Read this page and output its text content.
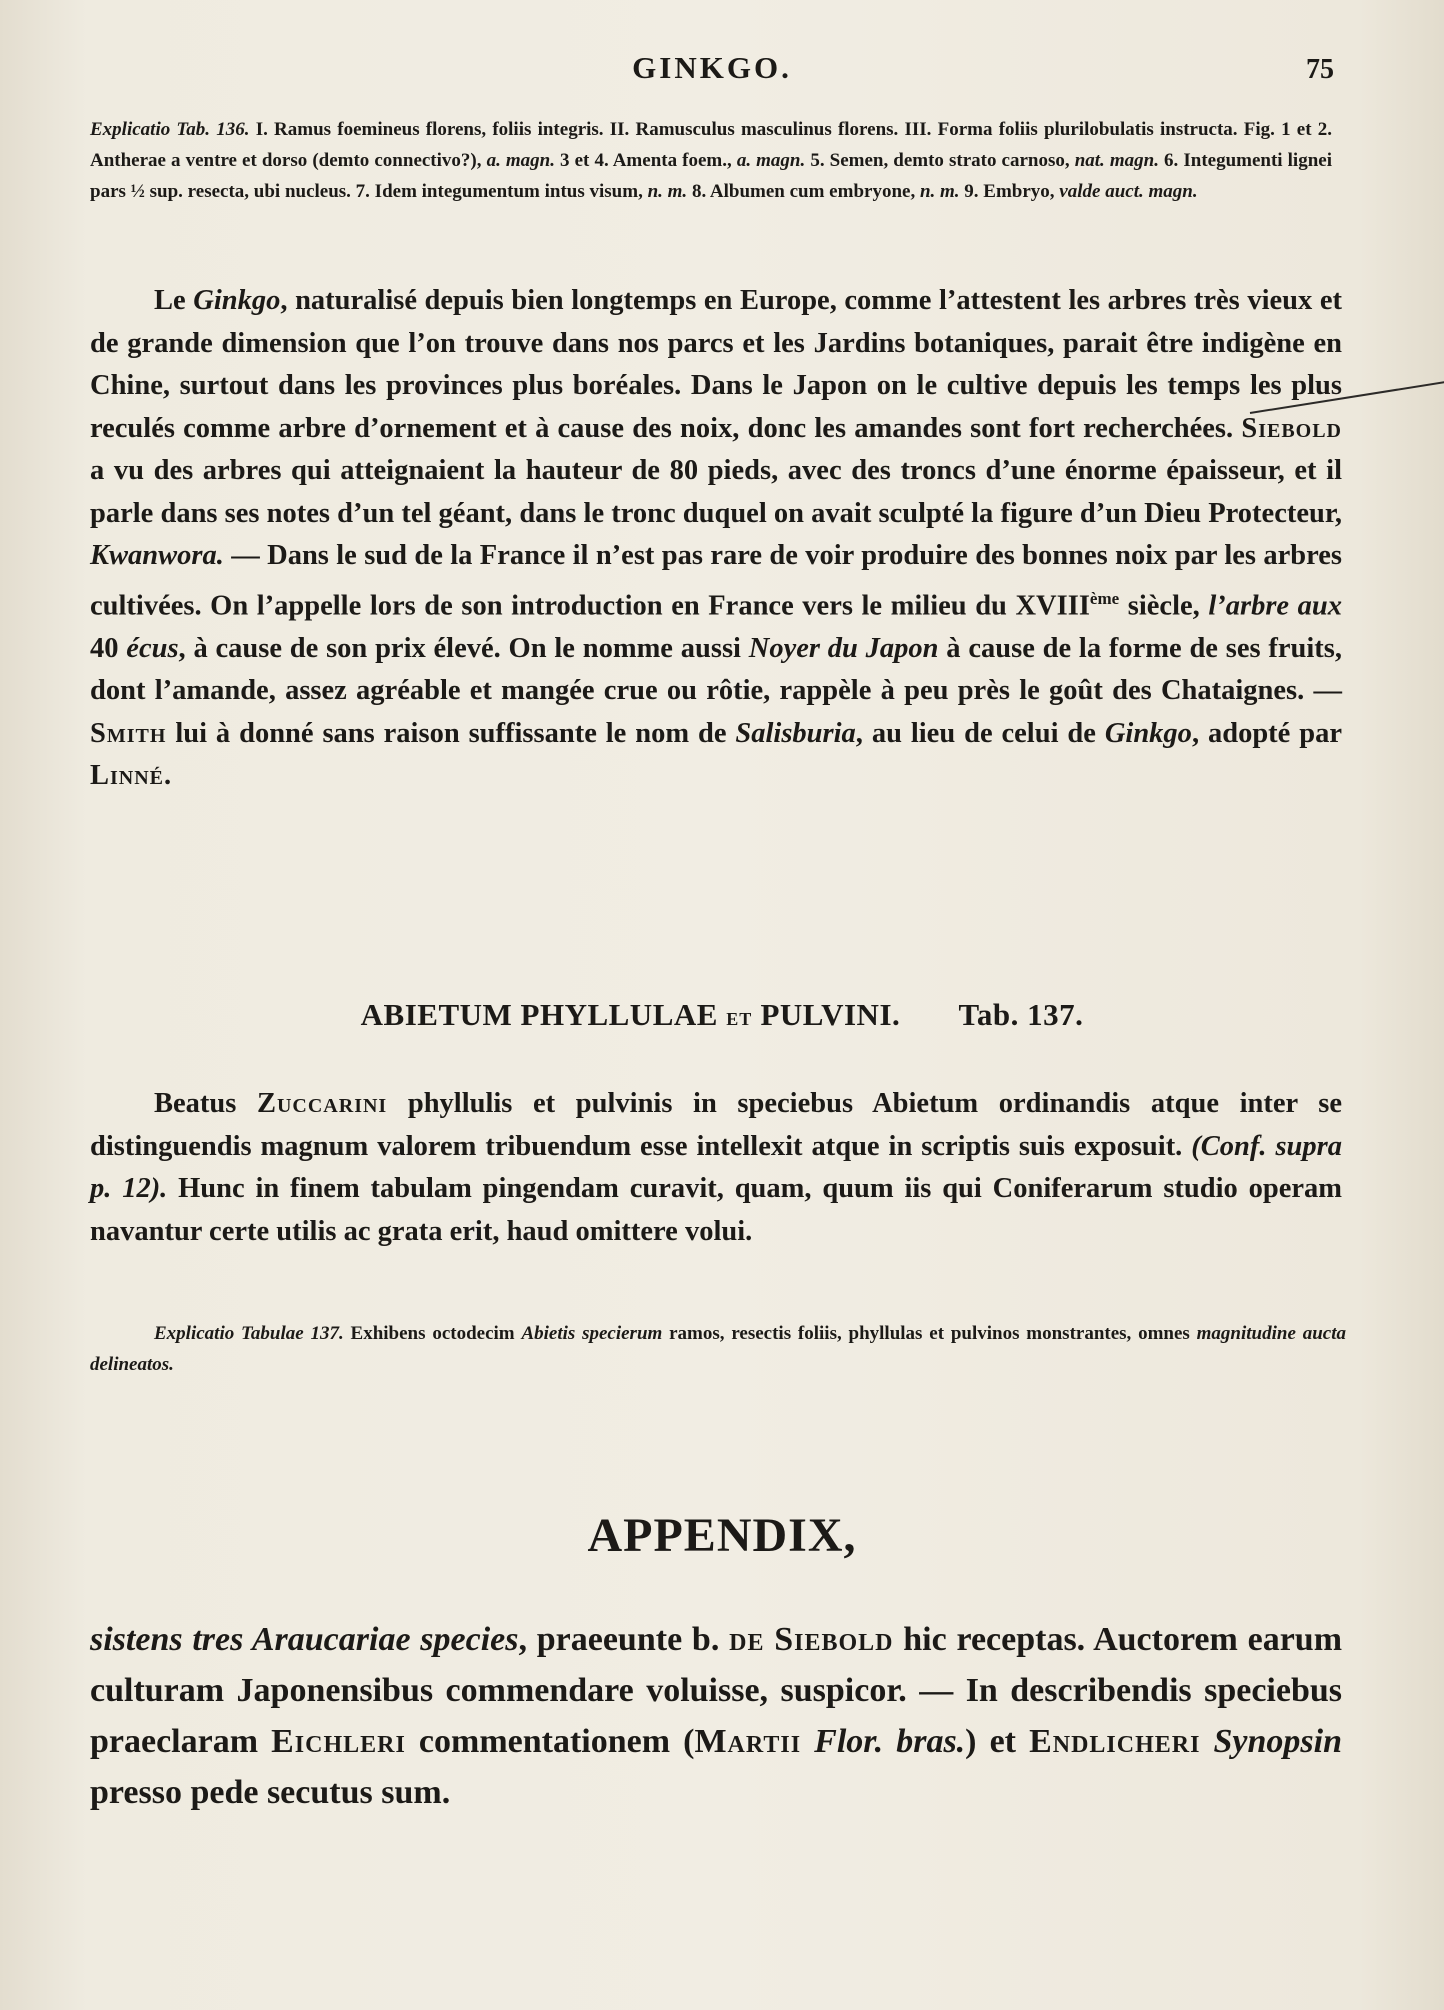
GINKGO.	75

Explicatio Tab. 136. I. Ramus foemineus florens, foliis integris. II. Ramusculus masculinus florens. III. Forma foliis plurilobulatis instructa. Fig. 1 et 2. Antherae a ventre et dorso (demto connectivo?), a. magn. 3 et 4. Amenta foem., a. magn. 5. Semen, demto strato carnoso, nat. magn. 6. Integumenti lignei pars ½ sup. resecta, ubi nucleus. 7. Idem integumentum intus visum, n. m. 8. Albumen cum embryone, n. m. 9. Embryo, valde auct. magn.

Le Ginkgo, naturalisé depuis bien longtemps en Europe, comme l’attestent les arbres très vieux et de grande dimension que l’on trouve dans nos parcs et les Jardins botaniques, parait être indigène en Chine, surtout dans les provinces plus boréales. Dans le Japon on le cultive depuis les temps les plus reculés comme arbre d’ornement et à cause des noix, donc les amandes sont fort recherchées. Siebold a vu des arbres qui atteignaient la hauteur de 80 pieds, avec des troncs d’une énorme épaisseur, et il parle dans ses notes d’un tel géant, dans le tronc duquel on avait sculpté la figure d’un Dieu Protecteur, Kwanwora. — Dans le sud de la France il n’est pas rare de voir produire des bonnes noix par les arbres cultivées. On l’appelle lors de son introduction en France vers le milieu du XVIIIème siècle, l’arbre aux 40 écus, à cause de son prix élevé. On le nomme aussi Noyer du Japon à cause de la forme de ses fruits, dont l’amande, assez agréable et mangée crue ou rôtie, rappèle à peu près le goût des Chataignes. — Smith lui à donné sans raison suffissante le nom de Salisburia, au lieu de celui de Ginkgo, adopté par Linné.

ABIETUM PHYLLULAE et PULVINI. Tab. 137.

Beatus Zuccarini phyllulis et pulvinis in speciebus Abietum ordinandis atque inter se distinguendis magnum valorem tribuendum esse intellexit atque in scriptis suis exposuit. (Conf. supra p. 12). Hunc in finem tabulam pingendam curavit, quam, quum iis qui Coniferarum studio operam navantur certe utilis ac grata erit, haud omittere volui.

Explicatio Tabulae 137. Exhibens octodecim Abietis specierum ramos, resectis foliis, phyllulas et pulvinos monstrantes, omnes magnitudine aucta delineatos.

APPENDIX,

sistens tres Araucariae species, praeeunte b. de Siebold hic receptas. Auctorem earum culturam Japonensibus commendare voluisse, suspicor. — In describendis speciebus praeclaram Eichleri commentationem (Martii Flor. bras.) et Endlicheri Synopsin presso pede secutus sum.
